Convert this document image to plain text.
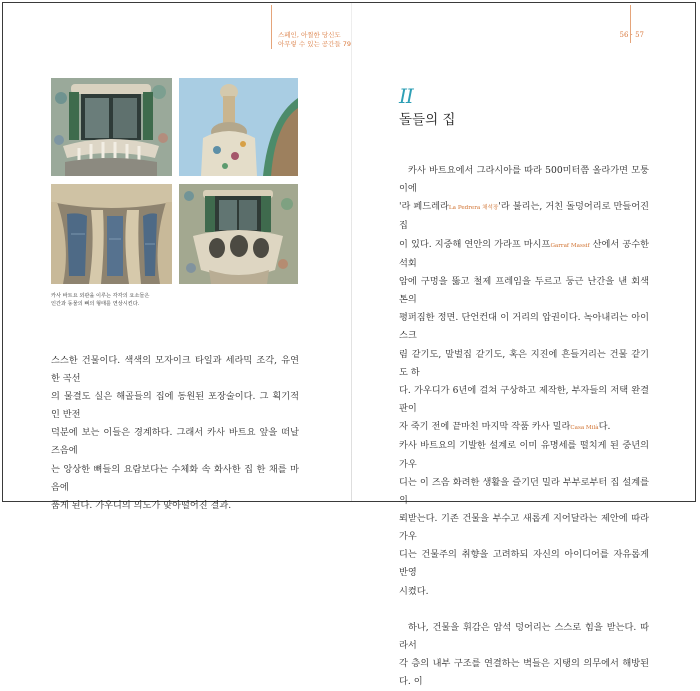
스페인, 아찔한 당신도
아무렇 수 있는 공간들 79
56 · 57
카사 바트요 외관을 이루는 각각의 요소들은
인간과 동물의 뼈의 형태를 연상시킨다.

스스한 건물이다. 색색의 모자이크 타일과 세라믹 조각, 유연한 곡선

의 물결도 실은 해골들의 집에 동원된 포장술이다. 그 획기적인 반전

덕분에 보는 이들은 경계하다. 그래서 카사 바트요 앞을 떠날 즈음에

는 앙상한 뼈들의 요람보다는 수체화 속 화사한 집 한 채를 마음에

품게 된다. 가우디의 의도가 맞아떨어진 결과.

II
돌들의 집

카사 바트요에서 그라시아를 따라 500미터쯤 올라가면 모퉁이에

'라 페드레라La Pedrera 채석장'라 불리는, 거친 돌덩어리로 만들어진 집

이 있다. 지중해 연안의 가라프 마시프Garraf Massif 산에서 공수한 석회

암에 구멍을 뚫고 철제 프레임을 두르고 둥근 난간을 낸 회색 톤의

평퍼짐한 정면. 단언컨대 이 거리의 압권이다. 녹아내리는 아이스크

림 같기도, 말벌집 같기도, 혹은 지진에 흔들거리는 건물 같기도 하

다. 가우디가 6년에 걸쳐 구상하고 제작한, 부자들의 저택 완결판이

자 죽기 전에 끝마친 마지막 작품 카사 밀라Casa Milà다.

카사 바트요의 기발한 설계로 이미 유명세를 떨치게 된 중년의 가우

디는 이 즈음 화려한 생활을 즐기던 밀라 부부로부터 집 설계를 의

뢰받는다. 기존 건물을 부수고 새롭게 지어달라는 제안에 따라 가우

디는 건물주의 취향을 고려하되 자신의 아이디어를 자유롭게 반영

시켰다.

하나, 건물을 휘감은 암석 덩어리는 스스로 힘을 받는다. 따라서

각 층의 내부 구조를 연결하는 벽들은 지탱의 의무에서 해방된다. 이
